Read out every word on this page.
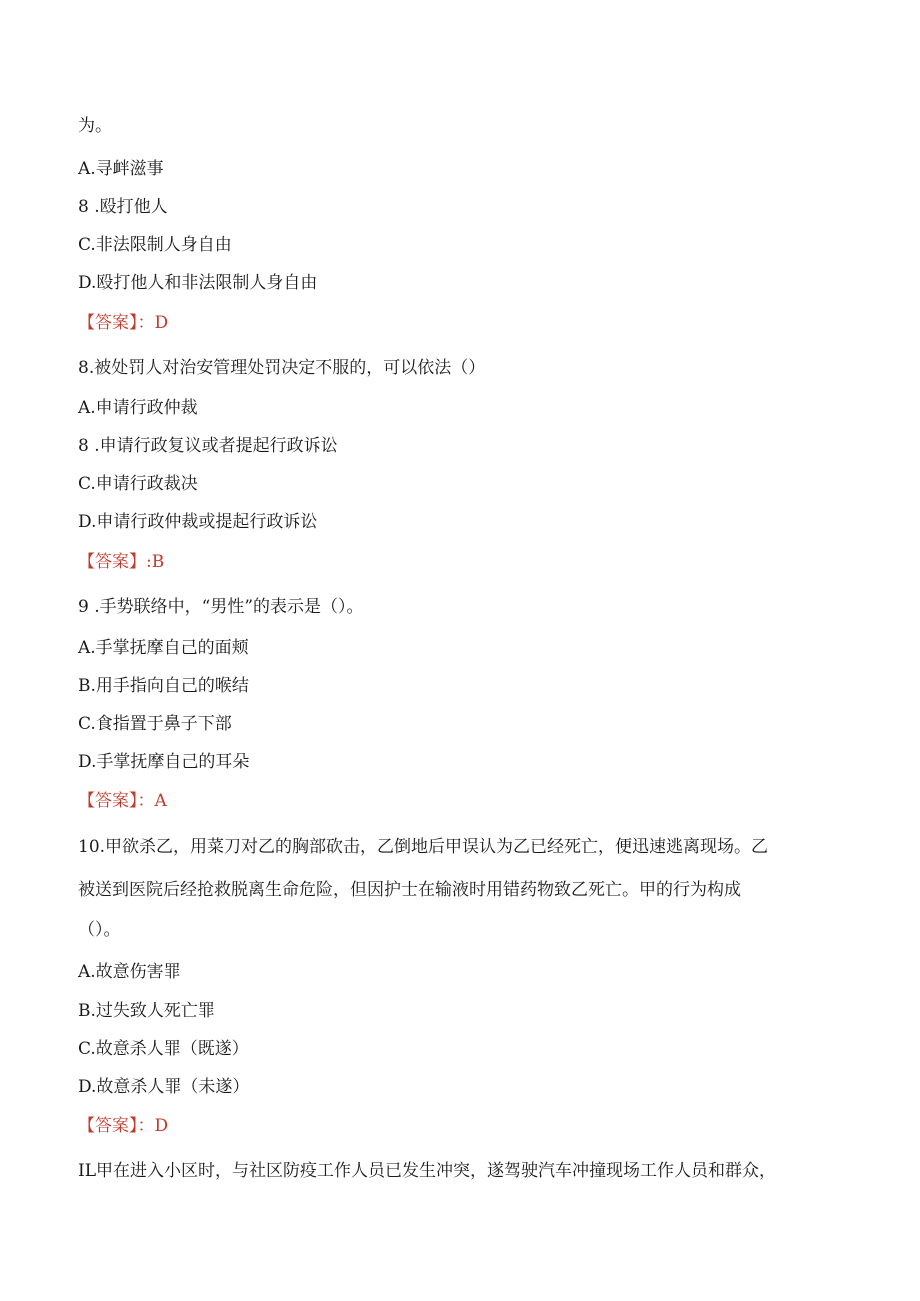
为。
A.寻衅滋事
8 .殴打他人
C.非法限制人身自由
D.殴打他人和非法限制人身自由
【答案】：D
8.被处罚人对治安管理处罚决定不服的，可以依法（）
A.申请行政仲裁
8 .申请行政复议或者提起行政诉讼
C.申请行政裁决
D.申请行政仲裁或提起行政诉讼
【答案】:B
9 .手势联络中，“男性”的表示是（）。
A.手掌抚摩自己的面颊
B.用手指向自己的喉结
C.食指置于鼻子下部
D.手掌抚摩自己的耳朵
【答案】：A
10.甲欲杀乙，用菜刀对乙的胸部砍击，乙倒地后甲误认为乙已经死亡，便迅速逃离现场。乙
被送到医院后经抢救脱离生命危险，但因护士在输液时用错药物致乙死亡。甲的行为构成
（）。
A.故意伤害罪
B.过失致人死亡罪
C.故意杀人罪（既遂）
D.故意杀人罪（未遂）
【答案】：D
IL甲在进入小区时，与社区防疫工作人员已发生冲突，遂驾驶汽车冲撞现场工作人员和群众，
